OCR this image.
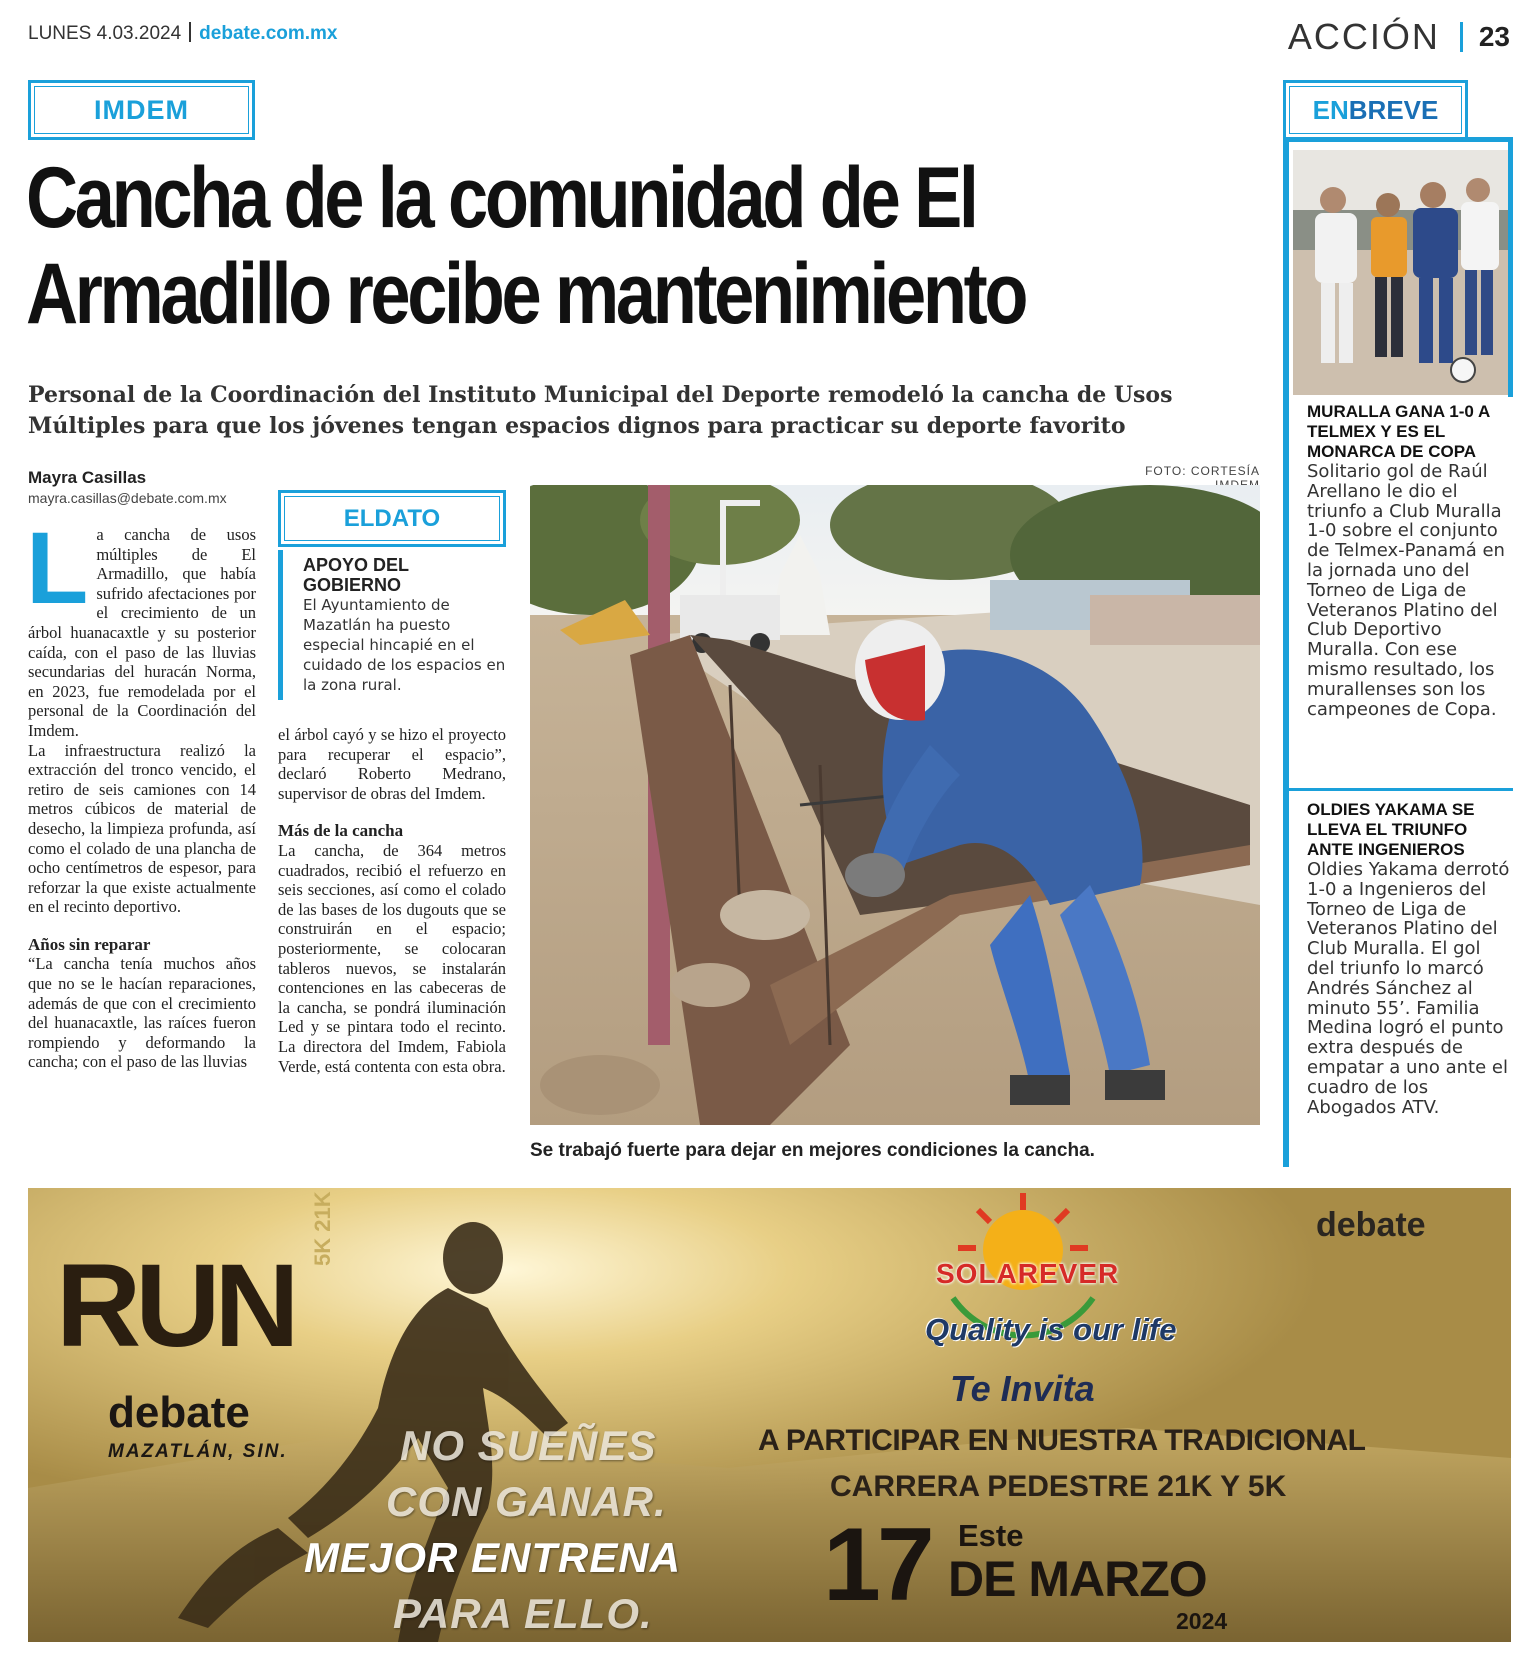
LUNES 4.03.2024 debate.com.mx	ACCIÓN 23
IMDEM
Cancha de la comunidad de El Armadillo recibe mantenimiento
Personal de la Coordinación del Instituto Municipal del Deporte remodeló la cancha de Usos Múltiples para que los jóvenes tengan espacios dignos para practicar su deporte favorito
Mayra Casillas
mayra.casillas@debate.com.mx

La cancha de usos múltiples de El Armadillo, que había sufrido afectaciones por el crecimiento de un árbol huanacaxtle y su posterior caída, con el paso de las lluvias secundarias del huracán Norma, en 2023, fue remodelada por el personal de la Coordinación del Imdem.

La infraestructura realizó la extracción del tronco vencido, el retiro de seis camiones con 14 metros cúbicos de material de desecho, la limpieza profunda, así como el colado de una plancha de ocho centímetros de espesor, para reforzar la que existe actualmente en el recinto deportivo.

Años sin reparar

“La cancha tenía muchos años que no se le hacían reparaciones, además de que con el crecimiento del huanacaxtle, las raíces fueron rompiendo y deformando la cancha; con el paso de las lluvias

ELDATO
APOYO DEL GOBIERNO
El Ayuntamiento de Mazatlán ha puesto especial hincapié en el cuidado de los espacios en la zona rural.

el árbol cayó y se hizo el proyecto para recuperar el espacio”, declaró Roberto Medrano, supervisor de obras del Imdem.

Más de la cancha

La cancha, de 364 metros cuadrados, recibió el refuerzo en seis secciones, así como el colado de las bases de los dugouts que se construirán en el espacio; posteriormente, se colocaran tableros nuevos, se instalarán contenciones en las cabeceras de la cancha, se pondrá iluminación Led y se pintara todo el recinto. La directora del Imdem, Fabiola Verde, está contenta con esta obra.

FOTO: CORTESÍA
Se trabajó fuerte para dejar en mejores condiciones la cancha.
ENBREVE
MURALLA GANA 1-0 A TELMEX Y ES EL MONARCA DE COPA
Solitario gol de Raúl Arellano le dio el triunfo a Club Muralla 1-0 sobre el conjunto de Telmex-Panamá en la jornada uno del Torneo de Liga de Veteranos Platino del Club Deportivo Muralla. Con ese mismo resultado, los murallenses son los campeones de Copa.
OLDIES YAKAMA SE LLEVA EL TRIUNFO ANTE INGENIEROS
Oldies Yakama derrotó 1-0 a Ingenieros del Torneo de Liga de Veteranos Platino del Club Muralla. El gol del triunfo lo marcó Andrés Sánchez al minuto 55’. Familia Medina logró el punto extra después de empatar a uno ante el cuadro de los Abogados ATV.
RUN
5K 21K
debate
MAZATLÁN, SIN.	NO SUEÑES
CON GANAR.
MEJOR ENTRENA
PARA ELLO.
SOLAREVER
Quality is our life
Te Invita
A PARTICIPAR EN NUESTRA TRADICIONAL
CARRERA PEDESTRE 21K Y 5K
17 Este
DE MARZO
2024
debate
